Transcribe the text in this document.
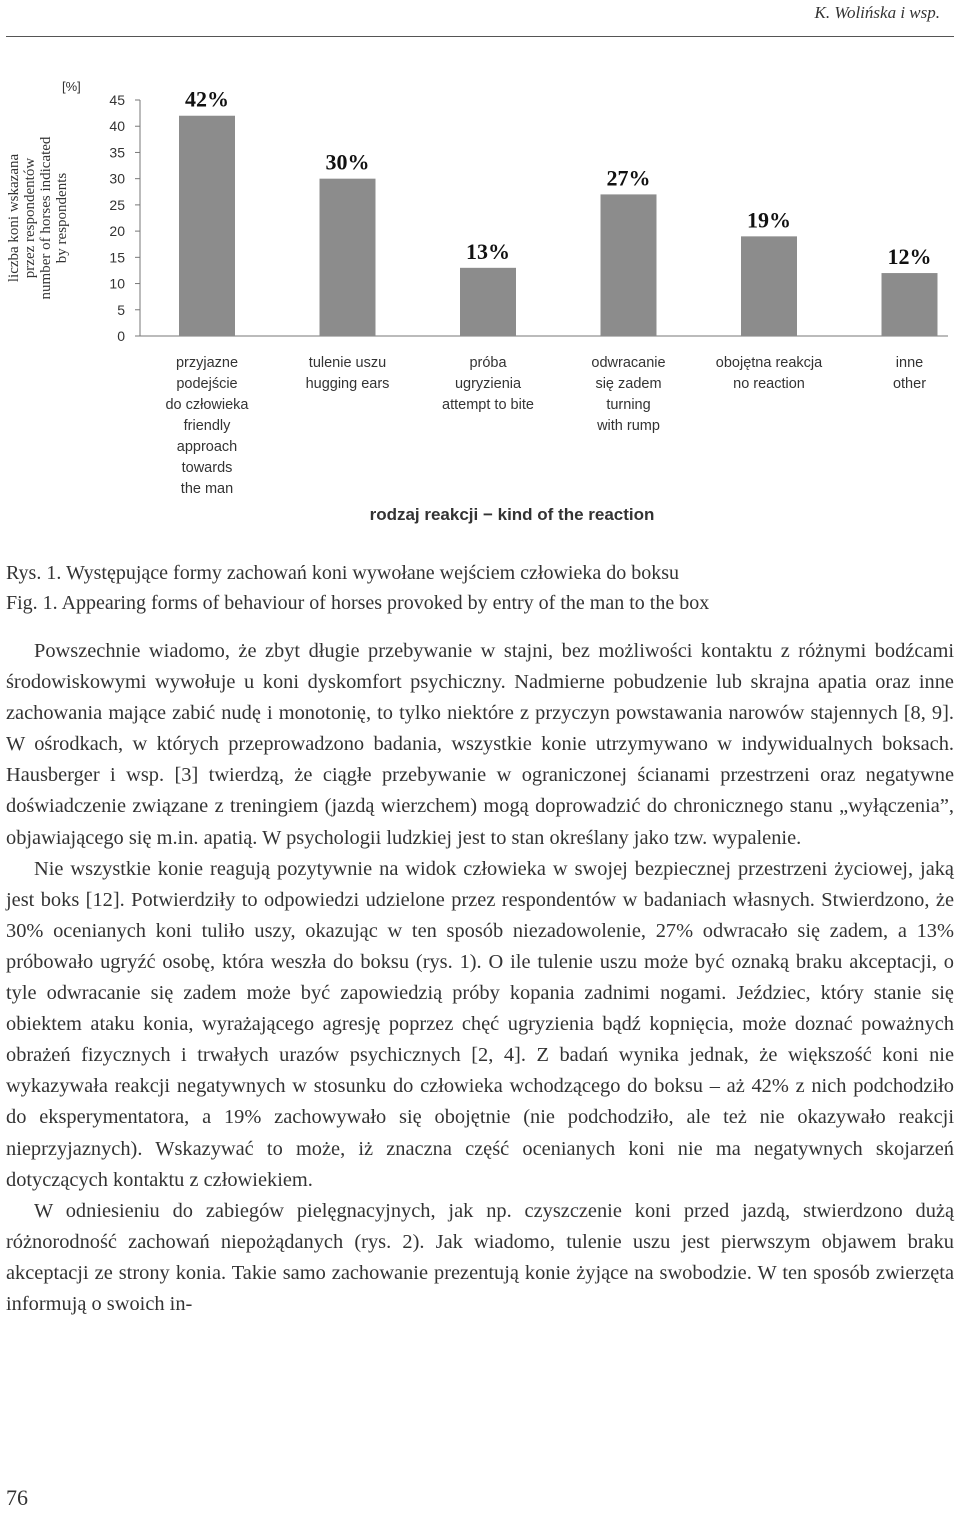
K. Wolińska i wsp.
[%]
liczba koni wskazanaprzez respondentównumber of horses indicatedby respondents
0
5
10
15
20
25
30
35
40
45	42%
przyjazne podejście do człowieka friendly approach towards the man
30%
tulenie uszu hugging ears
13%
próba ugryzienia attempt to bite
27%
odwracanie się zadem turning with rump
19%
obojętna reakcja no reaction
12%
inne other
rodzaj reakcji − kind of the reaction
Rys. 1. Występujące formy zachowań koni wywołane wejściem człowieka do boksu
Fig. 1. Appearing forms of behaviour of horses provoked by entry of the man to the box

Powszechnie wiadomo, że zbyt długie przebywanie w stajni, bez możliwości kontaktu z różnymi bodźcami środowiskowymi wywołuje u koni dyskomfort psychiczny. Nadmierne pobudzenie lub skrajna apatia oraz inne zachowania mające zabić nudę i monotonię, to tylko niektóre z przyczyn powstawania narowów stajennych [8, 9]. W ośrodkach, w których przeprowadzono badania, wszystkie konie utrzymywano w indywidualnych boksach. Hausberger i wsp. [3] twierdzą, że ciągłe przebywanie w ograniczonej ścianami przestrzeni oraz negatywne doświadczenie związane z treningiem (jazdą wierzchem) mogą doprowadzić do chronicznego stanu „wyłączenia”, objawiającego się m.in. apatią. W psychologii ludzkiej jest to stan określany jako tzw. wypalenie.

Nie wszystkie konie reagują pozytywnie na widok człowieka w swojej bezpiecznej przestrzeni życiowej, jaką jest boks [12]. Potwierdziły to odpowiedzi udzielone przez respondentów w badaniach własnych. Stwierdzono, że 30% ocenianych koni tuliło uszy, okazując w ten sposób niezadowolenie, 27% odwracało się zadem, a 13% próbowało ugryźć osobę, która weszła do boksu (rys. 1). O ile tulenie uszu może być oznaką braku akceptacji, o tyle odwracanie się zadem może być zapowiedzią próby kopania zadnimi nogami. Jeździec, który stanie się obiektem ataku konia, wyrażającego agresję poprzez chęć ugryzienia bądź kopnięcia, może doznać poważnych obrażeń fizycznych i trwałych urazów psychicznych [2, 4]. Z badań wynika jednak, że większość koni nie wykazywała reakcji negatywnych w stosunku do człowieka wchodzącego do boksu – aż 42% z nich podchodziło do eksperymentatora, a 19% zachowywało się obojętnie (nie podchodziło, ale też nie okazywało reakcji nieprzyjaznych). Wskazywać to może, iż znaczna część ocenianych koni nie ma negatywnych skojarzeń dotyczących kontaktu z człowiekiem.

W odniesieniu do zabiegów pielęgnacyjnych, jak np. czyszczenie koni przed jazdą, stwierdzono dużą różnorodność zachowań niepożądanych (rys. 2). Jak wiadomo, tulenie uszu jest pierwszym objawem braku akceptacji ze strony konia. Takie samo zachowanie prezentują konie żyjące na swobodzie. W ten sposób zwierzęta informują o swoich in-

76
